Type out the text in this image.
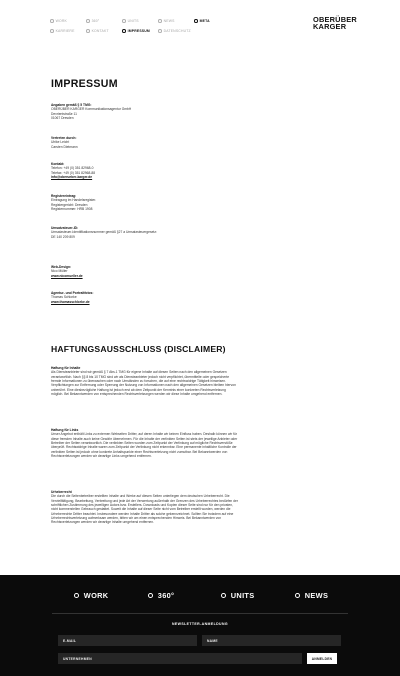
WORK	360°	UNITS	NEWS	META
KARRIERE	KONTAKT	IMPRESSUM	DATENSCHUTZ
OBERÜBER
KARGER
IMPRESSUM
Angaben gemäß § 5 TMG:
OBERÜBER KARGER Kommunikationsagentur GmbH
Devrientstraße 11
01067 Dresden
Vertreten durch:
Ulrike Leicht
Carsten Dietmann
Kontakt:
Telefon: +49 (0) 351 82968-0
Telefax: +49 (0) 351 82968-88
info@oberueber-karger.de
Registereintrag:
Eintragung im Handelsregister.
Registergericht: Dresden
Registernummer: HRB 1908
Umsatzsteuer-ID:
Umsatzsteuer-Identifikationsnummer gemäß §27 a Umsatzsteuergesetz:
DE 140 209 809
Web-Design:
Nico Müller
www.nicomueller.de
Agentur- und Portraitfotos:
Thomas Schlorke
www.thomasschlorke.de
HAFTUNGSAUSSCHLUSS (DISCLAIMER)
Haftung für Inhalte
Als Diensteanbieter sind wir gemäß § 7 Abs.1 TMG für eigene Inhalte auf diesen Seiten nach den allgemeinen Gesetzen verantwortlich. Nach §§ 8 bis 10 TMG sind wir als Diensteanbieter jedoch nicht verpflichtet, übermittelte oder gespeicherte fremde Informationen zu überwachen oder nach Umständen zu forschen, die auf eine rechtswidrige Tätigkeit hinweisen. Verpflichtungen zur Entfernung oder Sperrung der Nutzung von Informationen nach den allgemeinen Gesetzen bleiben hiervon unberührt. Eine diesbezügliche Haftung ist jedoch erst ab dem Zeitpunkt der Kenntnis einer konkreten Rechtsverletzung möglich. Bei Bekanntwerden von entsprechenden Rechtsverletzungen werden wir diese Inhalte umgehend entfernen.
Haftung für Links
Unser Angebot enthält Links zu externen Webseiten Dritter, auf deren Inhalte wir keinen Einfluss haben. Deshalb können wir für diese fremden Inhalte auch keine Gewähr übernehmen. Für die Inhalte der verlinkten Seiten ist stets der jeweilige Anbieter oder Betreiber der Seiten verantwortlich. Die verlinkten Seiten wurden zum Zeitpunkt der Verlinkung auf mögliche Rechtsverstöße überprüft. Rechtswidrige Inhalte waren zum Zeitpunkt der Verlinkung nicht erkennbar. Eine permanente inhaltliche Kontrolle der verlinkten Seiten ist jedoch ohne konkrete Anhaltspunkte einer Rechtsverletzung nicht zumutbar. Bei Bekanntwerden von Rechtsverletzungen werden wir derartige Links umgehend entfernen.
Urheberrecht
Die durch die Seitenbetreiber erstellten Inhalte und Werke auf diesen Seiten unterliegen dem deutschen Urheberrecht. Die Vervielfältigung, Bearbeitung, Verbreitung und jede Art der Verwertung außerhalb der Grenzen des Urheberrechtes bedürfen der schriftlichen Zustimmung des jeweiligen Autors bzw. Erstellers. Downloads und Kopien dieser Seite sind nur für den privaten, nicht kommerziellen Gebrauch gestattet. Soweit die Inhalte auf dieser Seite nicht vom Betreiber erstellt wurden, werden die Urheberrechte Dritter beachtet. Insbesondere werden Inhalte Dritter als solche gekennzeichnet. Sollten Sie trotzdem auf eine Urheberrechtsverletzung aufmerksam werden, bitten wir um einen entsprechenden Hinweis. Bei Bekanntwerden von Rechtsverletzungen werden wir derartige Inhalte umgehend entfernen.
WORK	360°	UNITS	NEWS
NEWSLETTER-ANMELDUNG
E-MAIL	NAME
UNTERNEHMEN	ANMELDEN
